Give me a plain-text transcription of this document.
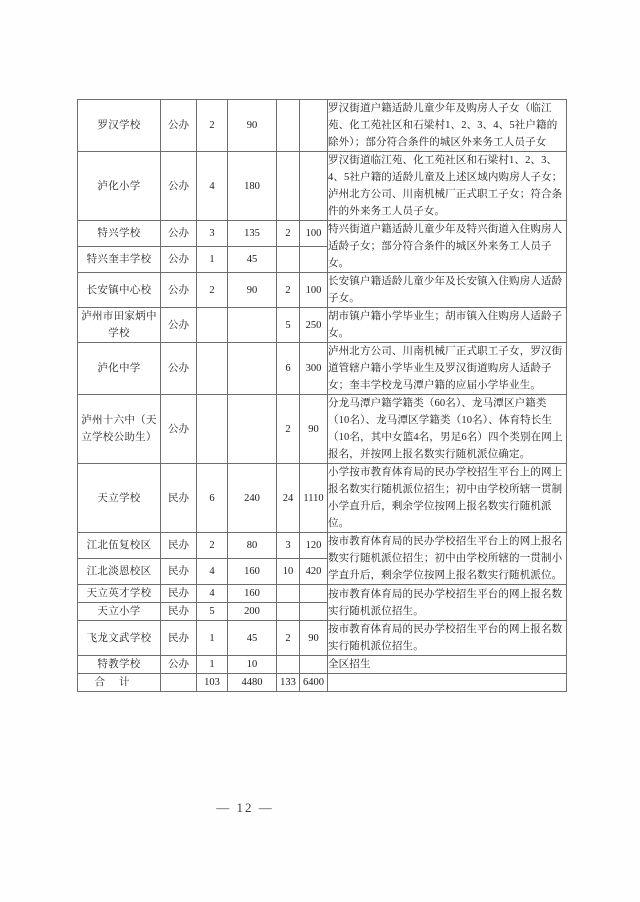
罗汉学校	公办	2	90			罗汉街道户籍适龄儿童少年及购房人子女（临江苑、化工苑社区和石梁村1、2、3、4、5社户籍的除外）；部分符合条件的城区外来务工人员子女
泸化小学	公办	4	180			罗汉街道临江苑、化工苑社区和石梁村1、2、3、4、5社户籍的适龄儿童及上述区域内购房人子女；泸州北方公司、川南机械厂正式职工子女；符合条件的外来务工人员子女。
特兴学校	公办	3	135	2	100	特兴街道户籍适龄儿童少年及特兴街道入住购房人适龄子女；部分符合条件的城区外来务工人员子女。
特兴奎丰学校	公办	1	45			
长安镇中心校	公办	2	90	2	100	长安镇户籍适龄儿童少年及长安镇入住购房人适龄子女。
泸州市田家炳中学校	公办			5	250	胡市镇户籍小学毕业生；胡市镇入住购房人适龄子女。
泸化中学	公办			6	300	泸州北方公司、川南机械厂正式职工子女，罗汉街道管辖户籍小学毕业生及罗汉街道购房人适龄子女；奎丰学校龙马潭户籍的应届小学毕业生。
泸州十六中（天立学校公助生）	公办			2	90	分龙马潭户籍学籍类（60名）、龙马潭区户籍类（10名）、龙马潭区学籍类（10名）、体育特长生（10名，其中女篮4名，男足6名）四个类别在网上报名，并按网上报名数实行随机派位确定。
天立学校	民办	6	240	24	1110	小学按市教育体育局的民办学校招生平台上的网上报名数实行随机派位招生；初中由学校所辖一贯制小学直升后，剩余学位按网上报名数实行随机派位。
江北伍复校区	民办	2	80	3	120	按市教育体育局的民办学校招生平台上的网上报名数实行随机派位招生；初中由学校所辖的一贯制小学直升后，剩余学位按网上报名数实行随机派位。
江北淡恩校区	民办	4	160	10	420	
天立英才学校	民办	4	160			按市教育体育局的民办学校招生平台的网上报名数实行随机派位招生。
天立小学	民办	5	200			
飞龙文武学校	民办	1	45	2	90	按市教育体育局的民办学校招生平台的网上报名数实行随机派位招生。
特教学校	公办	1	10			全区招生
合计		103	4480	133	6400	
— 12 —
